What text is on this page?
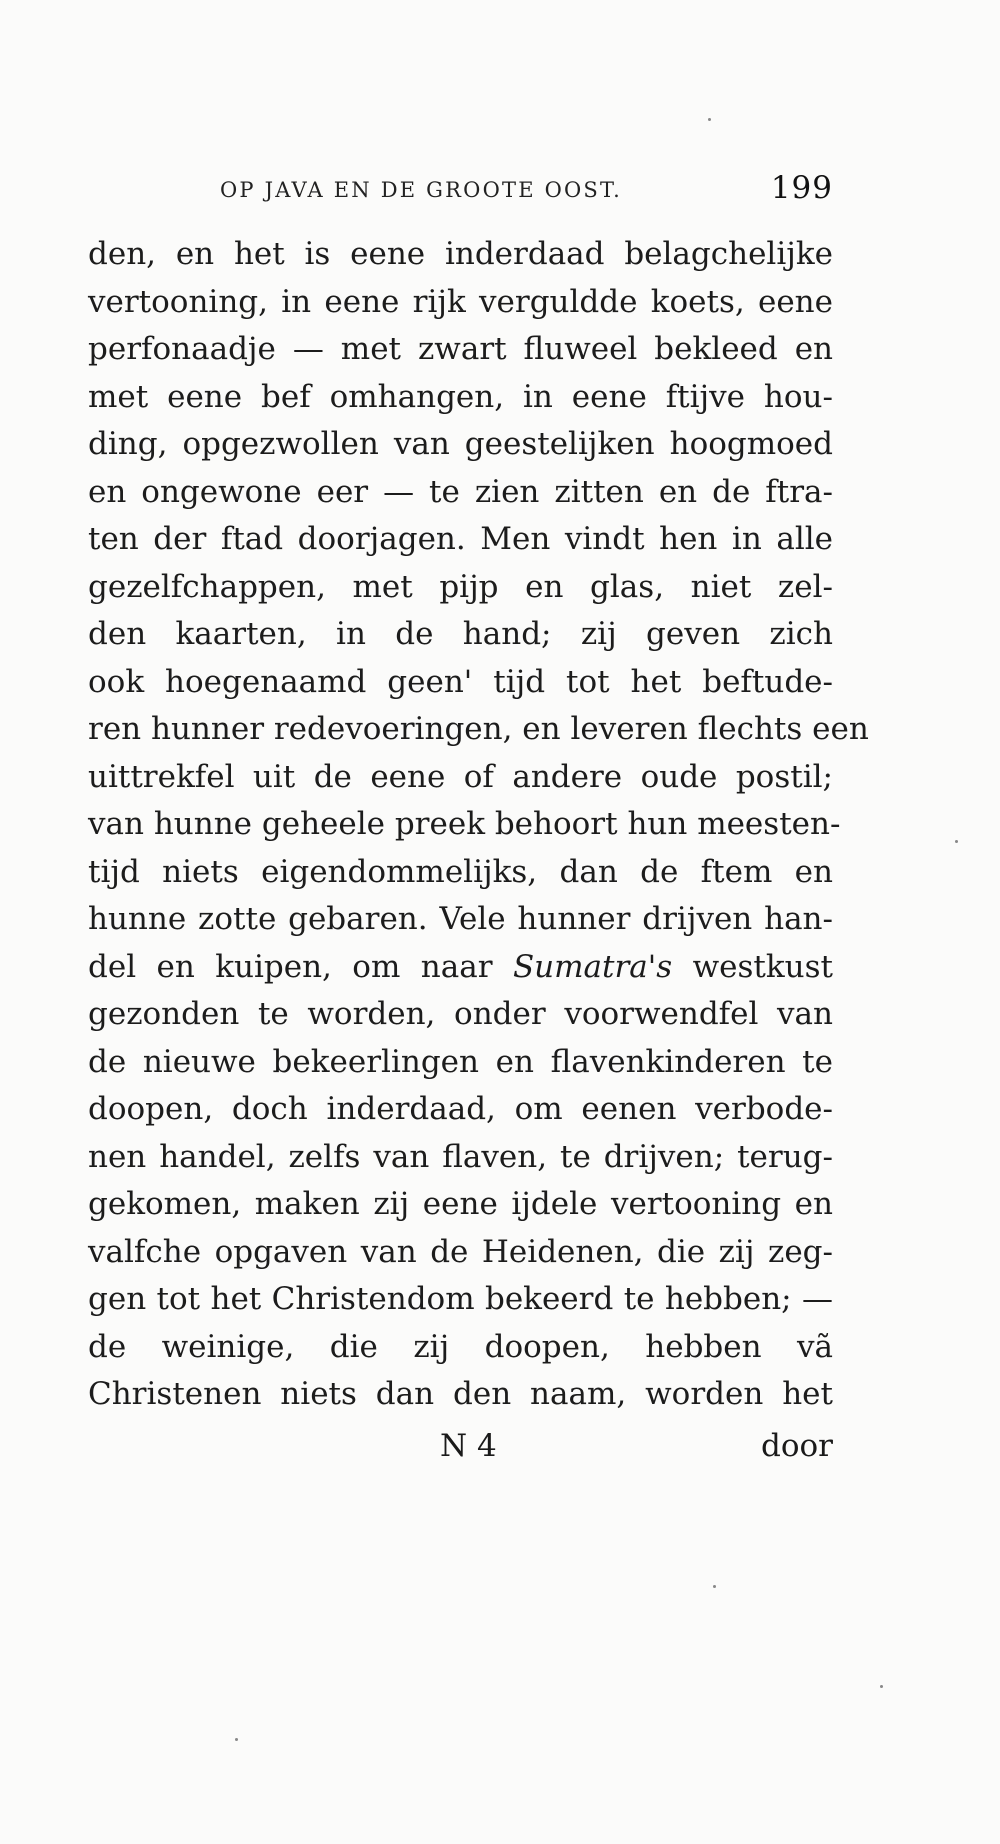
OP JAVA EN DE GROOTE OOST.	199
den, en het is eene inderdaad belagchelijke
vertooning, in eene rijk verguldde koets, eene
perfonaadje — met zwart fluweel bekleed en
met eene bef omhangen, in eene ftijve hou-
ding, opgezwollen van geestelijken hoogmoed
en ongewone eer — te zien zitten en de ftra-
ten der ftad doorjagen. Men vindt hen in alle
gezelfchappen, met pijp en glas, niet zel-
den kaarten, in de hand; zij geven zich
ook hoegenaamd geen' tijd tot het beftude-
ren hunner redevoeringen, en leveren flechts een
uittrekfel uit de eene of andere oude postil;
van hunne geheele preek behoort hun meesten-
tijd niets eigendommelijks, dan de ftem en
hunne zotte gebaren. Vele hunner drijven han-
del en kuipen, om naar Sumatra's westkust
gezonden te worden, onder voorwendfel van
de nieuwe bekeerlingen en flavenkinderen te
doopen, doch inderdaad, om eenen verbode-
nen handel, zelfs van flaven, te drijven; terug-
gekomen, maken zij eene ijdele vertooning en
valfche opgaven van de Heidenen, die zij zeg-
gen tot het Christendom bekeerd te hebben; —
de weinige, die zij doopen, hebben vã
Christenen niets dan den naam, worden het
N 4	door
